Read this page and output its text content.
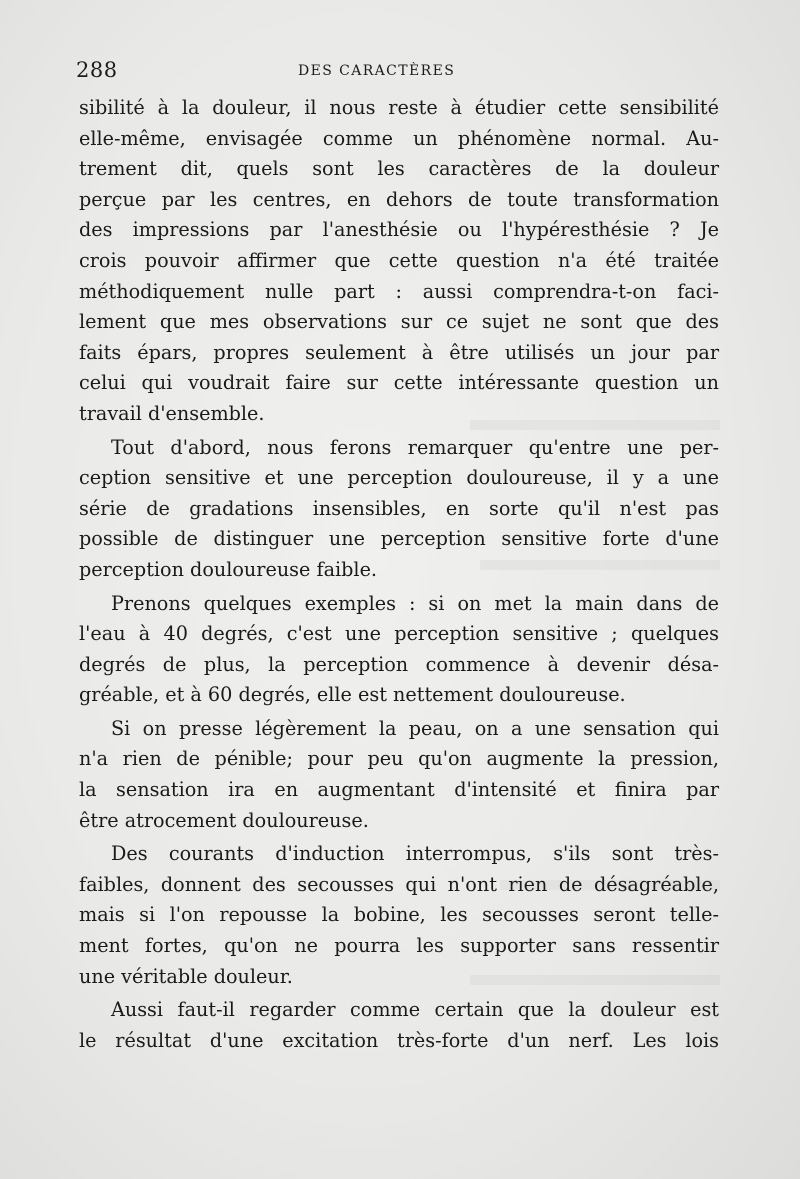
288	DES CARACTÈRES
sibilité à la douleur, il nous reste à étudier cette sensibilité
elle-même, envisagée comme un phénomène normal. Au-
trement dit, quels sont les caractères de la douleur
perçue par les centres, en dehors de toute transformation
des impressions par l'anesthésie ou l'hypéresthésie ? Je
crois pouvoir affirmer que cette question n'a été traitée
méthodiquement nulle part : aussi comprendra-t-on faci-
lement que mes observations sur ce sujet ne sont que des
faits épars, propres seulement à être utilisés un jour par
celui qui voudrait faire sur cette intéressante question un
travail d'ensemble.
Tout d'abord, nous ferons remarquer qu'entre une per-
ception sensitive et une perception douloureuse, il y a une
série de gradations insensibles, en sorte qu'il n'est pas
possible de distinguer une perception sensitive forte d'une
perception douloureuse faible.
Prenons quelques exemples : si on met la main dans de
l'eau à 40 degrés, c'est une perception sensitive ; quelques
degrés de plus, la perception commence à devenir désa-
gréable, et à 60 degrés, elle est nettement douloureuse.
Si on presse légèrement la peau, on a une sensation qui
n'a rien de pénible; pour peu qu'on augmente la pression,
la sensation ira en augmentant d'intensité et finira par
être atrocement douloureuse.
Des courants d'induction interrompus, s'ils sont très-
faibles, donnent des secousses qui n'ont rien de désagréable,
mais si l'on repousse la bobine, les secousses seront telle-
ment fortes, qu'on ne pourra les supporter sans ressentir
une véritable douleur.
Aussi faut-il regarder comme certain que la douleur est
le résultat d'une excitation très-forte d'un nerf. Les lois
